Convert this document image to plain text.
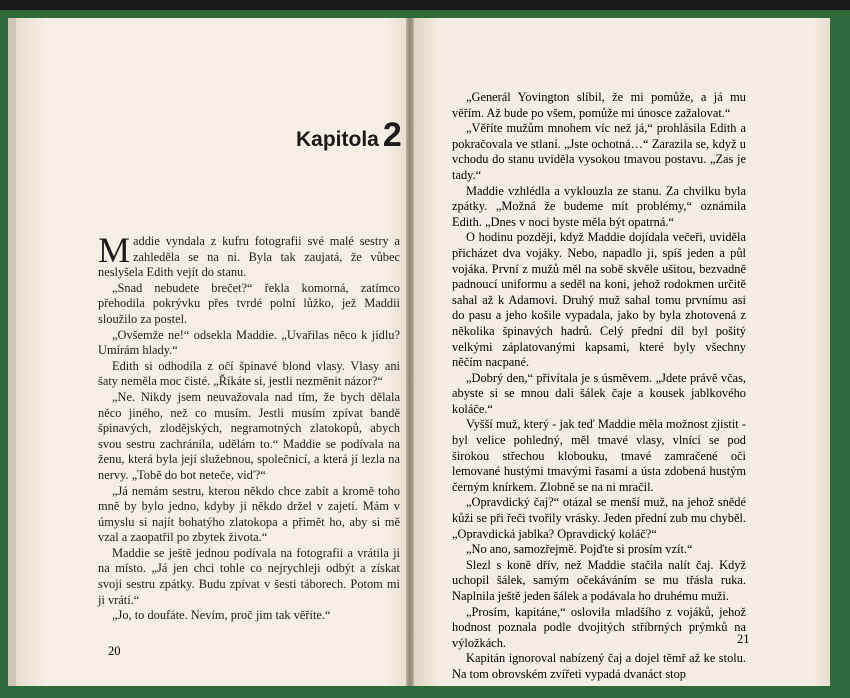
Kapitola 2

Maddie vyndala z kufru fotografii své malé sestry a zahleděla se na ni. Byla tak zaujatá, že vůbec neslyšela Edith vejít do stanu.

„Snad nebudete brečet?“ řekla komorná, zatímco přehodila pokrývku přes tvrdé polní lůžko, jež Maddii sloužilo za postel.

„Ovšemže ne!“ odsekla Maddie. „Uvařilas něco k jídlu? Umírám hlady.“

Edith si odhodila z očí špinavé blond vlasy. Vlasy ani šaty neměla moc čisté. „Říkáte si, jestli nezměnit názor?“

„Ne. Nikdy jsem neuvažovala nad tím, že bych dělala něco jiného, než co musím. Jestli musím zpívat bandě špinavých, zlodějských, negramotných zlatokopů, abych svou sestru zachránila, udělám to.“ Maddie se podívala na ženu, která byla její služebnou, společnicí, a která jí lezla na nervy. „Tobě do bot neteče, viď?“

„Já nemám sestru, kterou někdo chce zabít a kromě toho mně by bylo jedno, kdyby ji někdo držel v zajetí. Mám v úmyslu si najít bohatýho zlatokopa a přimět ho, aby si mě vzal a zaopatřil po zbytek života.“

Maddie se ještě jednou podívala na fotografii a vrátila ji na místo. „Já jen chci tohle co nejrychleji odbýt a získat svoji sestru zpátky. Budu zpívat v šesti táborech. Potom mi ji vrátí.“

„Jo, to doufáte. Nevím, proč jim tak věříte.“

„Generál Yovington slíbil, že mi pomůže, a já mu věřím. Až bude po všem, pomůže mi únosce zažalovat.“

„Věříte mužům mnohem víc než já,“ prohlásila Edith a pokračovala ve stlaní. „Jste ochotná…“ Zarazila se, když u vchodu do stanu uviděla vysokou tmavou postavu. „Zas je tady.“

Maddie vzhlédla a vyklouzla ze stanu. Za chvilku byla zpátky. „Možná že budeme mít problémy,“ oznámila Edith. „Dnes v noci byste měla být opatrná.“

O hodinu později, když Maddie dojídala večeři, uviděla přicházet dva vojáky. Nebo, napadlo ji, spíš jeden a půl vojáka. První z mužů měl na sobě skvěle ušitou, bezvadně padnoucí uniformu a seděl na koni, jehož rodokmen určitě sahal až k Adamovi. Druhý muž sahal tomu prvnímu asi do pasu a jeho košile vypadala, jako by byla zhotovená z několika špinavých hadrů. Celý přední díl byl pošitý velkými záplatovanými kapsami, které byly všechny něčím nacpané.

„Dobrý den,“ přivítala je s úsměvem. „Jdete právě včas, abyste si se mnou dali šálek čaje a kousek jablkového koláče.“

Vyšší muž, který - jak teď Maddie měla možnost zjistit - byl velice pohledný, měl tmavé vlasy, vlnící se pod širokou střechou klobouku, tmavé zamračené oči lemované hustými tmavými řasami a ústa zdobená hustým černým knírkem. Zlobně se na ni mračil.

„Opravdický čaj?“ otázal se menší muž, na jehož snědé kůži se při řeči tvořily vrásky. Jeden přední zub mu chyběl. „Opravdická jablka? Opravdický koláč?“

„No ano, samozřejmě. Pojďte si prosím vzít.“

Slezl s koně dřív, než Maddie stačila nalít čaj. Když uchopil šálek, samým očekáváním se mu třásla ruka. Naplnila ještě jeden šálek a podávala ho druhému muži.

„Prosím, kapitáne,“ oslovila mladšího z vojáků, jehož hodnost poznala podle dvojitých stříbrných prýmků na výložkách.

Kapitán ignoroval nabízený čaj a dojel těmř až ke stolu. Na tom obrovském zvířeti vypadá dvanáct stop

20
21
